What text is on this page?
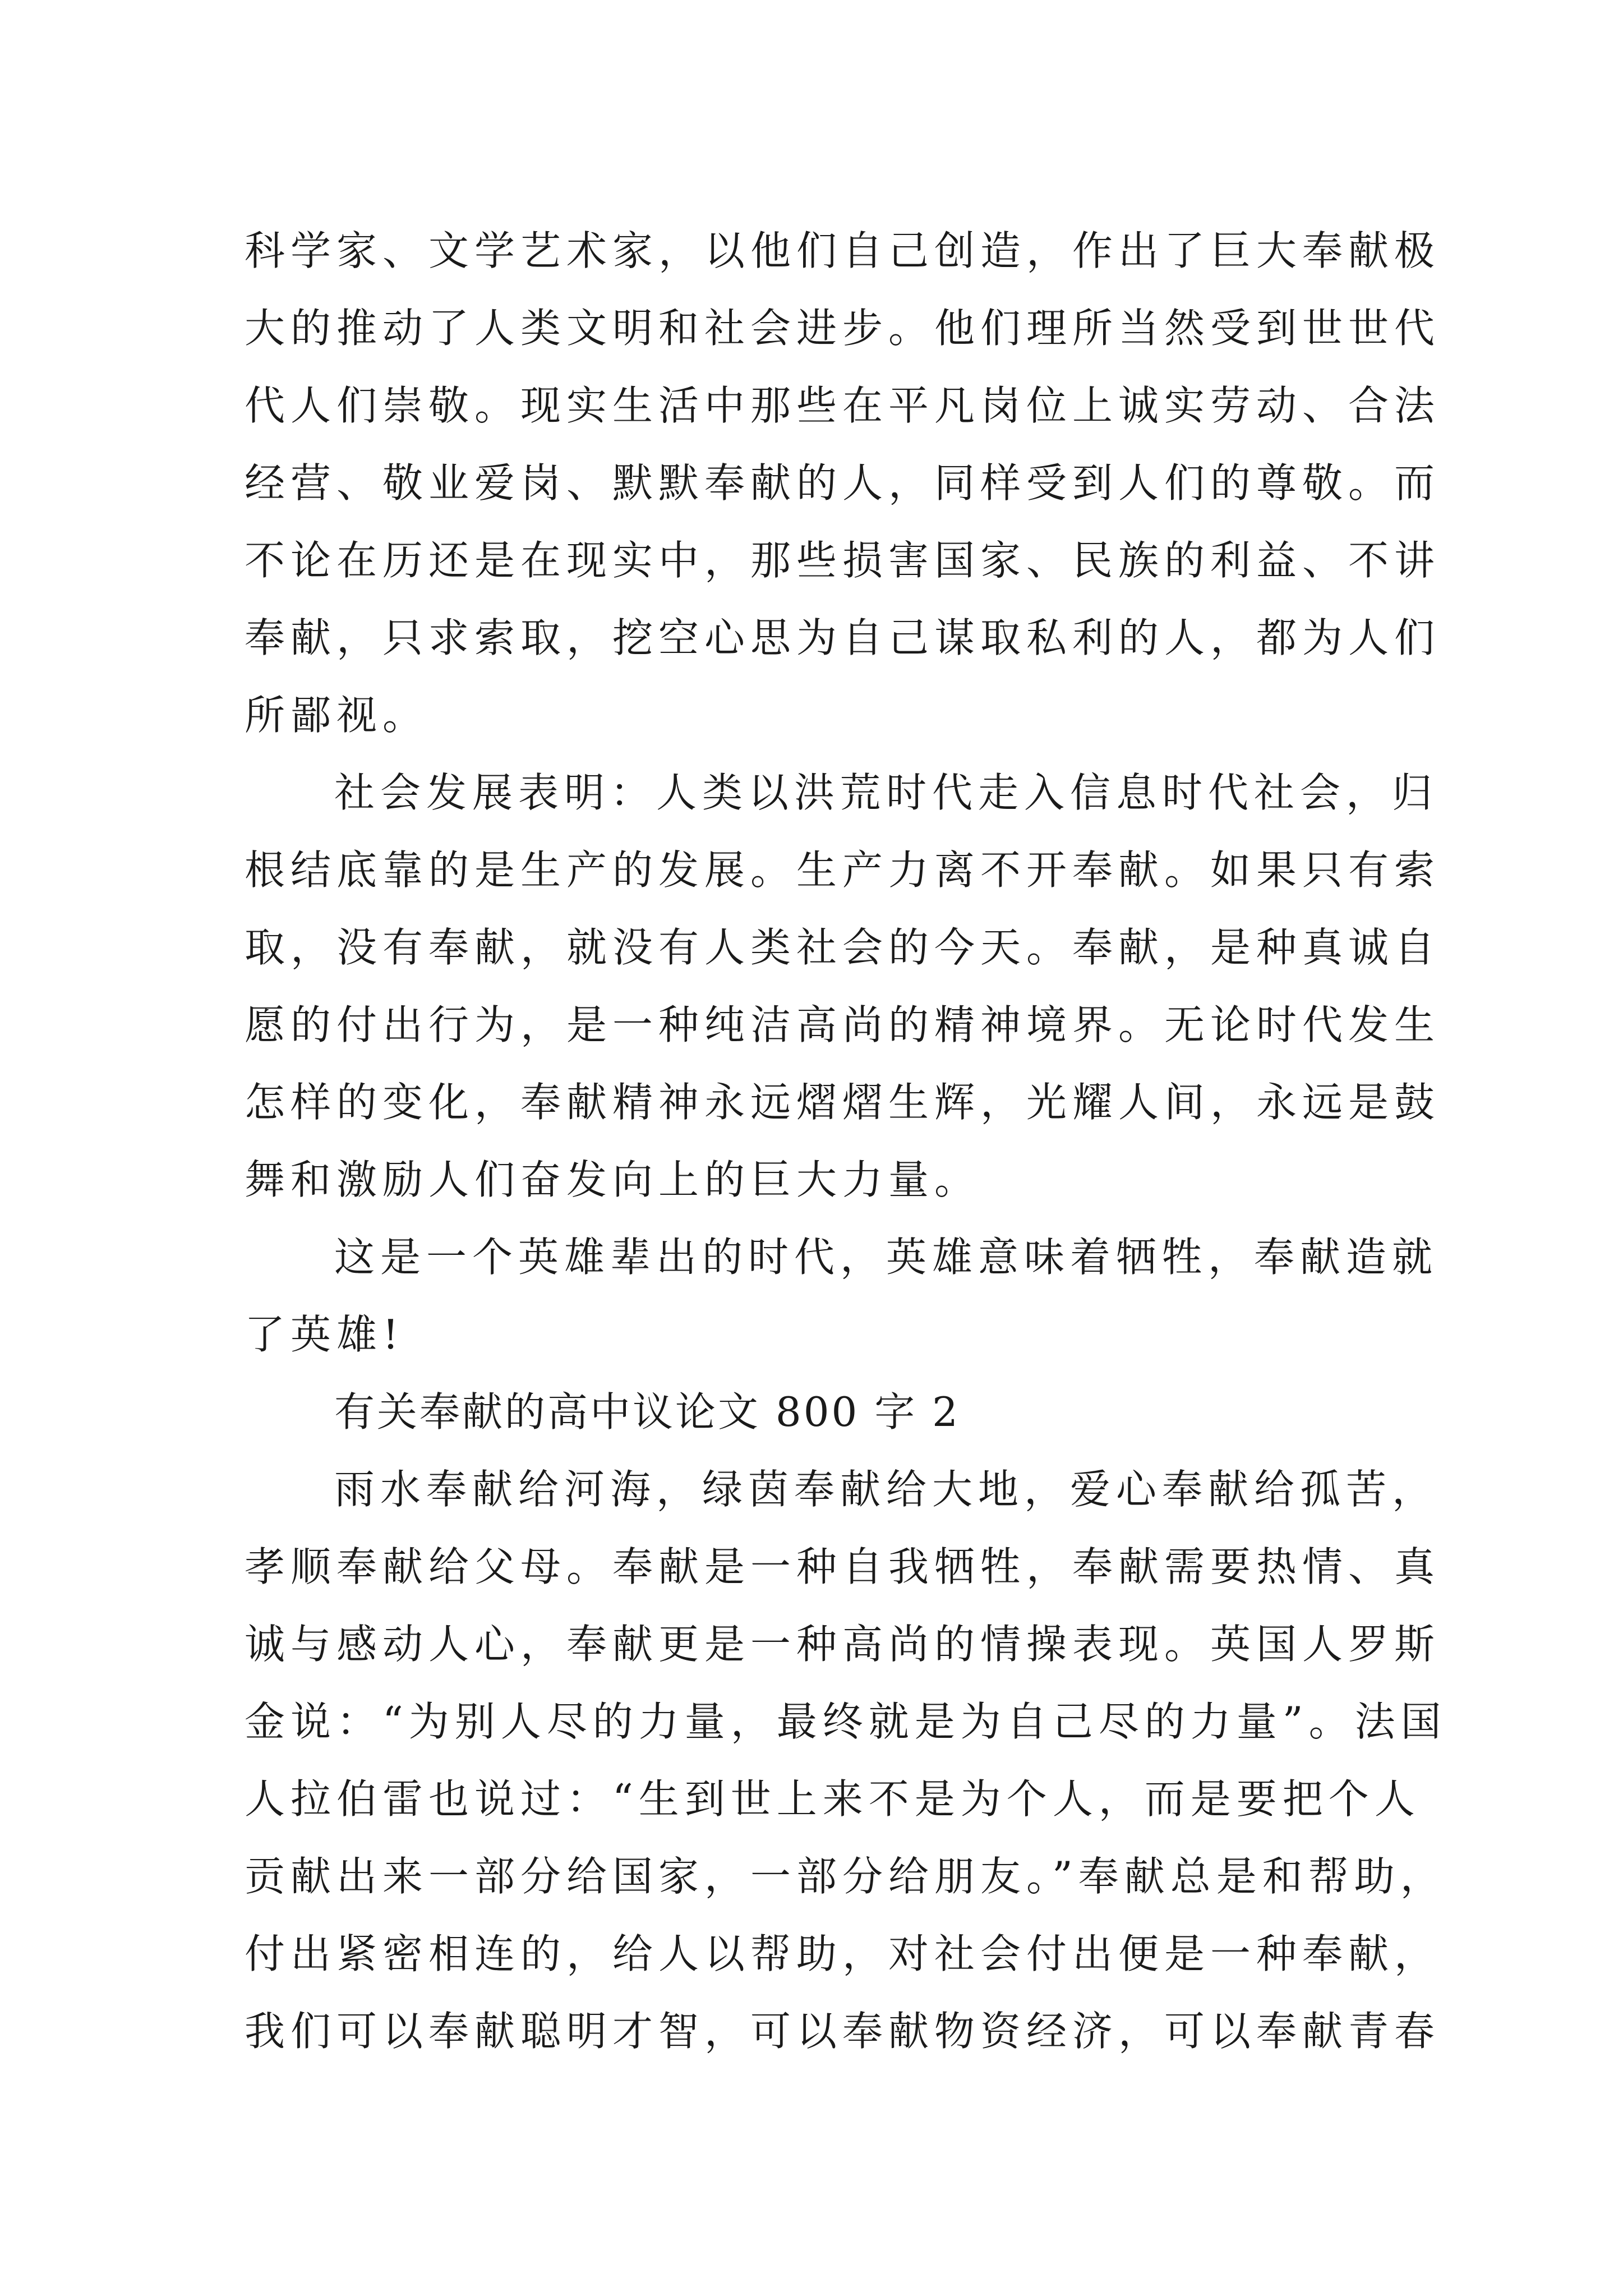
科学家、文学艺术家，以他们自己创造，作出了巨大奉献极
大的推动了人类文明和社会进步。他们理所当然受到世世代
代人们崇敬。现实生活中那些在平凡岗位上诚实劳动、合法
经营、敬业爱岗、默默奉献的人，同样受到人们的尊敬。而
不论在历还是在现实中，那些损害国家、民族的利益、不讲
奉献，只求索取，挖空心思为自己谋取私利的人，都为人们
所鄙视。
社会发展表明：人类以洪荒时代走入信息时代社会，归
根结底靠的是生产的发展。生产力离不开奉献。如果只有索
取，没有奉献，就没有人类社会的今天。奉献，是种真诚自
愿的付出行为，是一种纯洁高尚的精神境界。无论时代发生
怎样的变化，奉献精神永远熠熠生辉，光耀人间，永远是鼓
舞和激励人们奋发向上的巨大力量。
这是一个英雄辈出的时代，英雄意味着牺牲，奉献造就
了英雄!
有关奉献的高中议论文 800 字 2
雨水奉献给河海，绿茵奉献给大地，爱心奉献给孤苦，
孝顺奉献给父母。奉献是一种自我牺牲，奉献需要热情、真
诚与感动人心，奉献更是一种高尚的情操表现。英国人罗斯
金说：“为别人尽的力量，最终就是为自己尽的力量”。法国
人拉伯雷也说过：“生到世上来不是为个人，而是要把个人
贡献出来一部分给国家，一部分给朋友。”奉献总是和帮助，
付出紧密相连的，给人以帮助，对社会付出便是一种奉献，
我们可以奉献聪明才智，可以奉献物资经济，可以奉献青春
